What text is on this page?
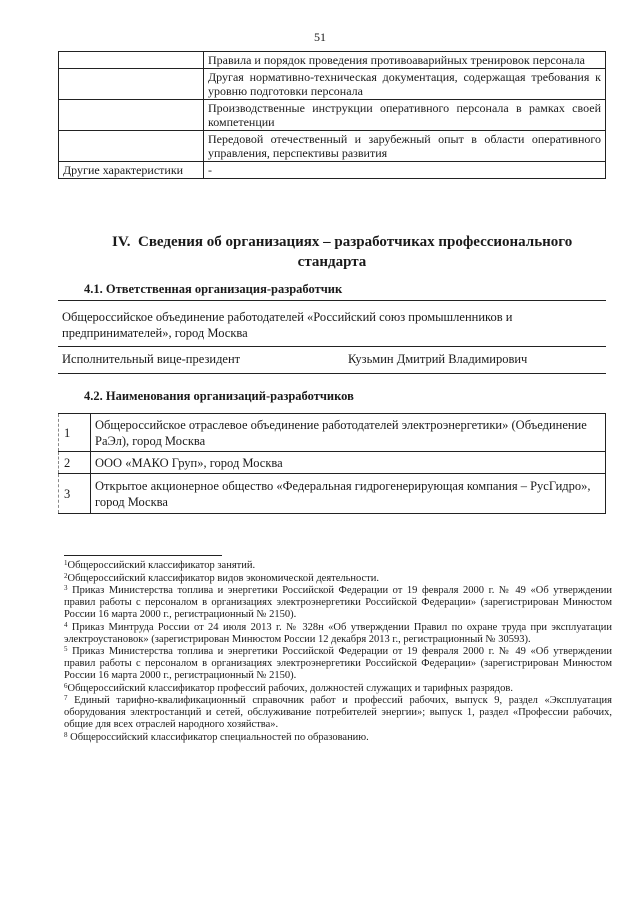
51
	Правила и порядок проведения противоаварийных тренировок персонала
	Другая нормативно-техническая документация, содержащая требования к уровню подготовки персонала
	Производственные инструкции оперативного персонала в рамках своей компетенции
	Передовой отечественный и зарубежный опыт в области оперативного управления, перспективы развития
Другие характеристики	-
IV. Сведения об организациях – разработчиках профессионального
стандарта
4.1. Ответственная организация-разработчик
Общероссийское объединение работодателей «Российский союз промышленников и предпринимателей», город Москва
Исполнительный вице-президент	Кузьмин Дмитрий Владимирович
4.2. Наименования организаций-разработчиков
1	Общероссийское отраслевое объединение работодателей электроэнергетики» (Объединение РаЭл), город Москва
2	ООО «МАКО Груп», город Москва
3	Открытое акционерное общество «Федеральная гидрогенерирующая компания – РусГидро», город Москва

$^1$Общероссийский классификатор занятий.

$^2$Общероссийский классификатор видов экономической деятельности.

$^3$ Приказ Министерства топлива и энергетики Российской Федерации от 19 февраля 2000 г. № 49 «Об утверждении правил работы с персоналом в организациях электроэнергетики Российской Федерации» (зарегистрирован Минюстом России 16 марта 2000 г., регистрационный № 2150).

$^4$ Приказ Минтруда России от 24 июля 2013 г. № 328н «Об утверждении Правил по охране труда при эксплуатации электроустановок» (зарегистрирован Минюстом России 12 декабря 2013 г., регистрационный № 30593).

$^5$ Приказ Министерства топлива и энергетики Российской Федерации от 19 февраля 2000 г. № 49 «Об утверждении правил работы с персоналом в организациях электроэнергетики Российской Федерации» (зарегистрирован Минюстом России 16 марта 2000 г., регистрационный № 2150).

$^6$Общероссийский классификатор профессий рабочих, должностей служащих и тарифных разрядов.

$^7$ Единый тарифно-квалификационный справочник работ и профессий рабочих, выпуск 9, раздел «Эксплуатация оборудования электростанций и сетей, обслуживание потребителей энергии»; выпуск 1, раздел «Профессии рабочих, общие для всех отраслей народного хозяйства».

$^8$ Общероссийский классификатор специальностей по образованию.
